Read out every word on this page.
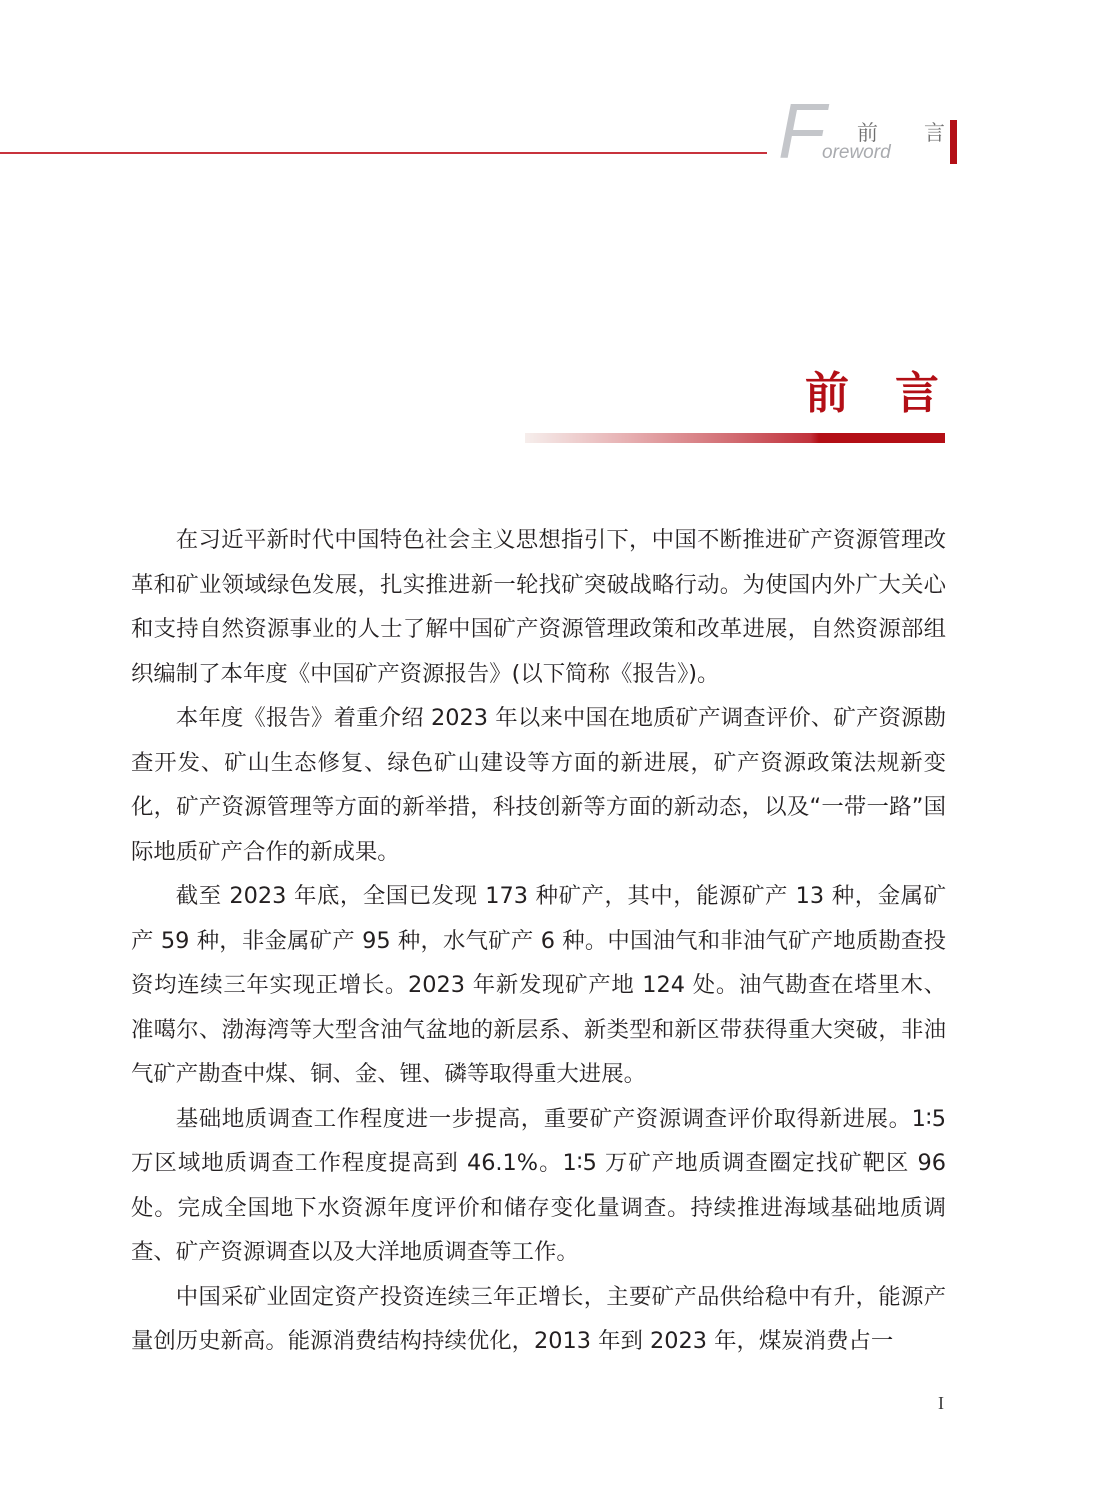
F
oreword
前 言
前言

在习近平新时代中国特色社会主义思想指引下，中国不断推进矿产资源管理改革和矿业领域绿色发展，扎实推进新一轮找矿突破战略行动。为使国内外广大关心和支持自然资源事业的人士了解中国矿产资源管理政策和改革进展，自然资源部组织编制了本年度《中国矿产资源报告》(以下简称《报告》)。

本年度《报告》着重介绍 2023 年以来中国在地质矿产调查评价、矿产资源勘查开发、矿山生态修复、绿色矿山建设等方面的新进展，矿产资源政策法规新变化，矿产资源管理等方面的新举措，科技创新等方面的新动态，以及“一带一路”国际地质矿产合作的新成果。

截至 2023 年底，全国已发现 173 种矿产，其中，能源矿产 13 种，金属矿产 59 种，非金属矿产 95 种，水气矿产 6 种。中国油气和非油气矿产地质勘查投资均连续三年实现正增长。2023 年新发现矿产地 124 处。油气勘查在塔里木、准噶尔、渤海湾等大型含油气盆地的新层系、新类型和新区带获得重大突破，非油气矿产勘查中煤、铜、金、锂、磷等取得重大进展。

基础地质调查工作程度进一步提高，重要矿产资源调查评价取得新进展。1∶5 万区域地质调查工作程度提高到 46.1%。1∶5 万矿产地质调查圈定找矿靶区 96 处。完成全国地下水资源年度评价和储存变化量调查。持续推进海域基础地质调查、矿产资源调查以及大洋地质调查等工作。

中国采矿业固定资产投资连续三年正增长，主要矿产品供给稳中有升，能源产量创历史新高。能源消费结构持续优化，2013 年到 2023 年，煤炭消费占一

I
